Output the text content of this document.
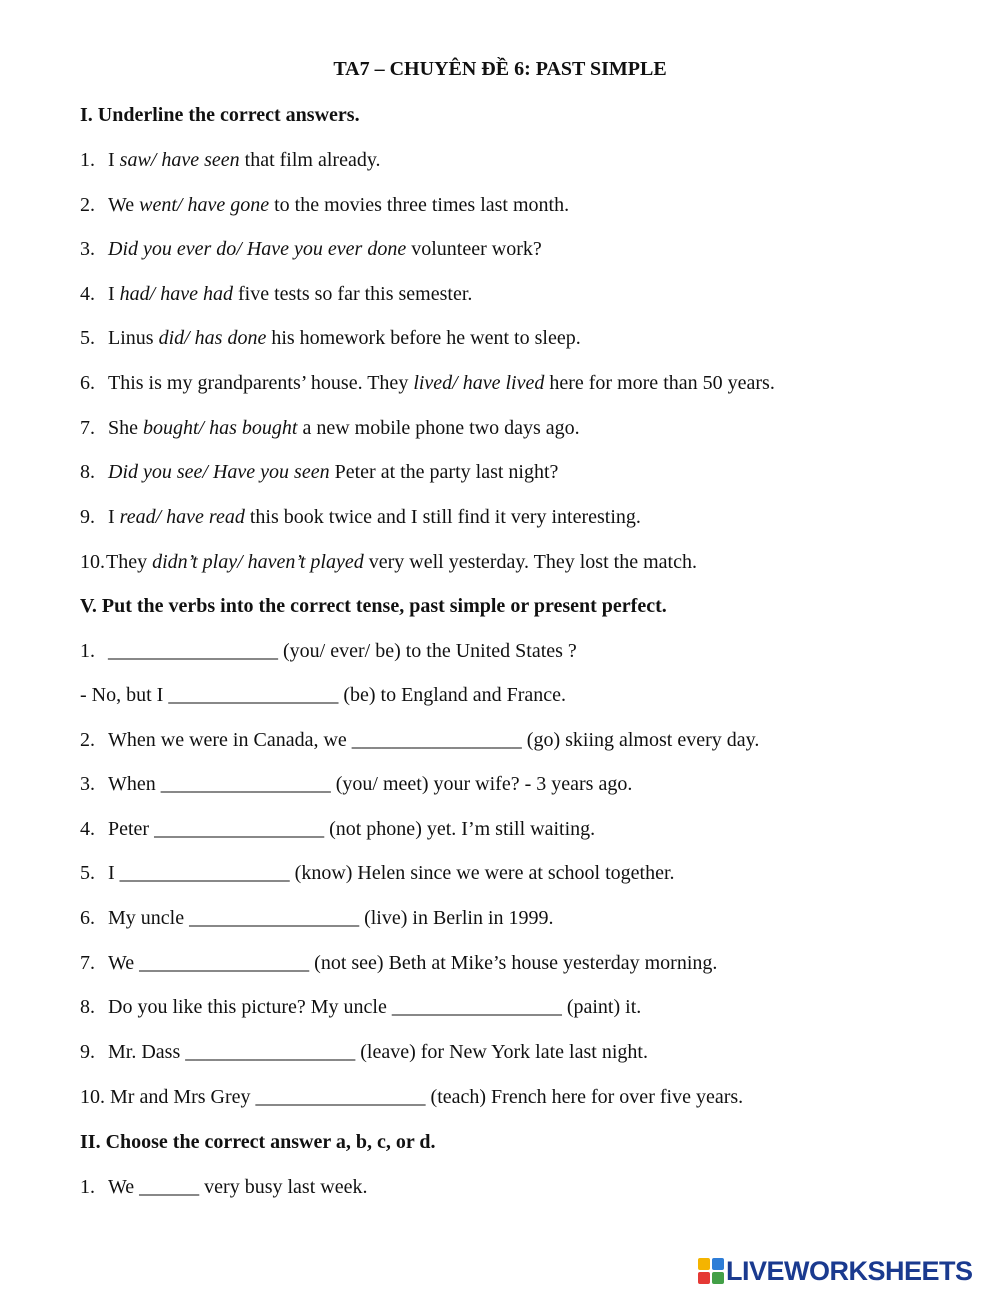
TA7 – CHUYÊN ĐỀ 6: PAST SIMPLE
I. Underline the correct answers.
1. I saw/ have seen that film already.
2. We went/ have gone to the movies three times last month.
3. Did you ever do/ Have you ever done volunteer work?
4. I had/ have had five tests so far this semester.
5. Linus did/ has done his homework before he went to sleep.
6. This is my grandparents’ house. They lived/ have lived here for more than 50 years.
7. She bought/ has bought a new mobile phone two days ago.
8. Did you see/ Have you seen Peter at the party last night?
9. I read/ have read this book twice and I still find it very interesting.
10.They didn’t play/ haven’t played very well yesterday. They lost the match.
V. Put the verbs into the correct tense, past simple or present perfect.
1. _________________ (you/ ever/ be) to the United States ?
- No, but I _________________ (be) to England and France.
2. When we were in Canada, we _________________ (go) skiing almost every day.
3. When _________________ (you/ meet) your wife? - 3 years ago.
4. Peter _________________ (not phone) yet. I’m still waiting.
5. I _________________ (know) Helen since we were at school together.
6. My uncle _________________ (live) in Berlin in 1999.
7. We _________________ (not see) Beth at Mike’s house yesterday morning.
8. Do you like this picture? My uncle _________________ (paint) it.
9. Mr. Dass _________________ (leave) for New York late last night.
10. Mr and Mrs Grey _________________ (teach) French here for over five years.
II. Choose the correct answer a, b, c, or d.
1. We ______ very busy last week.
LIVEWORKSHEETS
